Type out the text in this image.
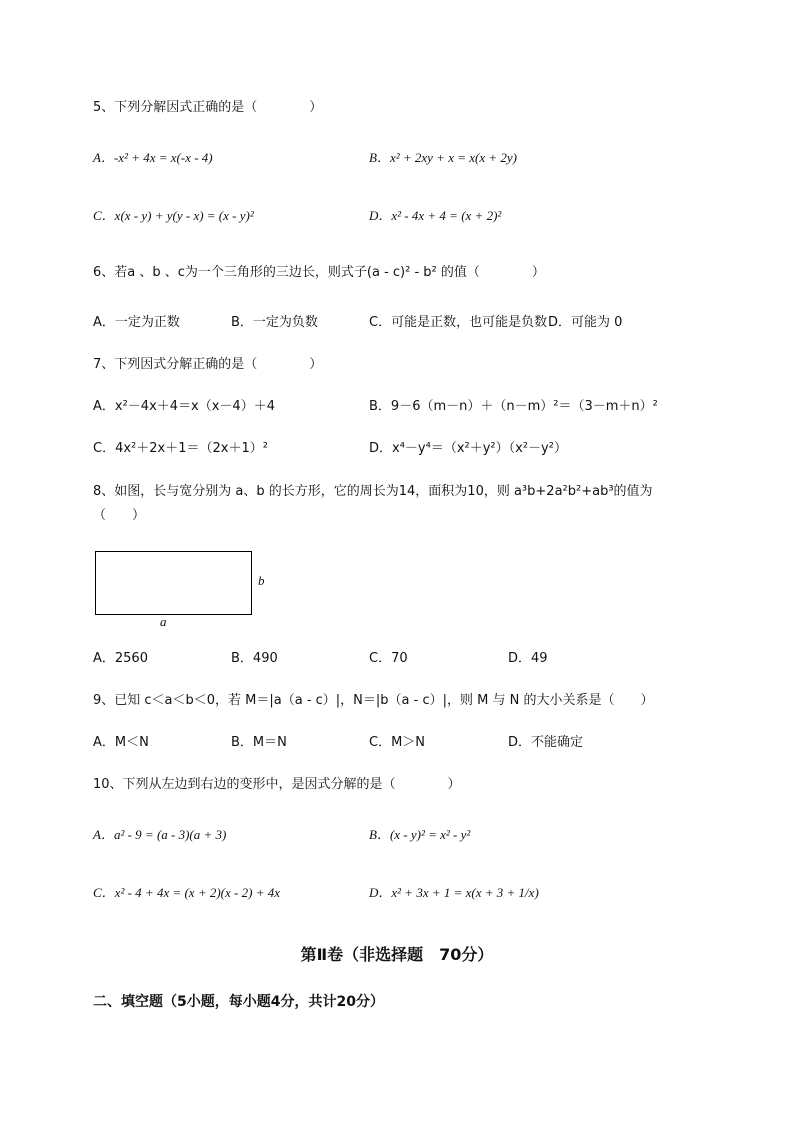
5、下列分解因式正确的是（　　　　）
A．-x² + 4x = x(-x - 4)	B．x² + 2xy + x = x(x + 2y)
C．x(x - y) + y(y - x) = (x - y)²	D．x² - 4x + 4 = (x + 2)²
6、若a 、b 、c为一个三角形的三边长，则式子(a - c)² - b² 的值（　　　　）
A．一定为正数	B．一定为负数	C．可能是正数，也可能是负数 D．可能为 0
7、下列因式分解正确的是（　　　　）
A．x²－4x＋4＝x（x－4）＋4	B．9－6（m－n）＋（n－m）²＝（3－m＋n）²
C．4x²＋2x＋1＝（2x＋1）²	D．x⁴－y⁴＝（x²＋y²）（x²－y²）
8、如图，长与宽分别为 a、b 的长方形，它的周长为14，面积为10，则 a³b+2a²b²+ab³的值为
（　　）
b
a
A．2560	B．490	C．70	D．49
9、已知 c＜a＜b＜0，若 M＝|a（a - c）|，N＝|b（a - c）|，则 M 与 N 的大小关系是（　　）
A．M＜N	B．M＝N	C．M＞N	D．不能确定
10、下列从左边到右边的变形中，是因式分解的是（　　　　）
A．a² - 9 = (a - 3)(a + 3)	B．(x - y)² = x² - y²
C．x² - 4 + 4x = (x + 2)(x - 2) + 4x	D．x² + 3x + 1 = x(x + 3 + 1/x)
第Ⅱ卷（非选择题　70分）
二、填空题（5小题，每小题4分，共计20分）
